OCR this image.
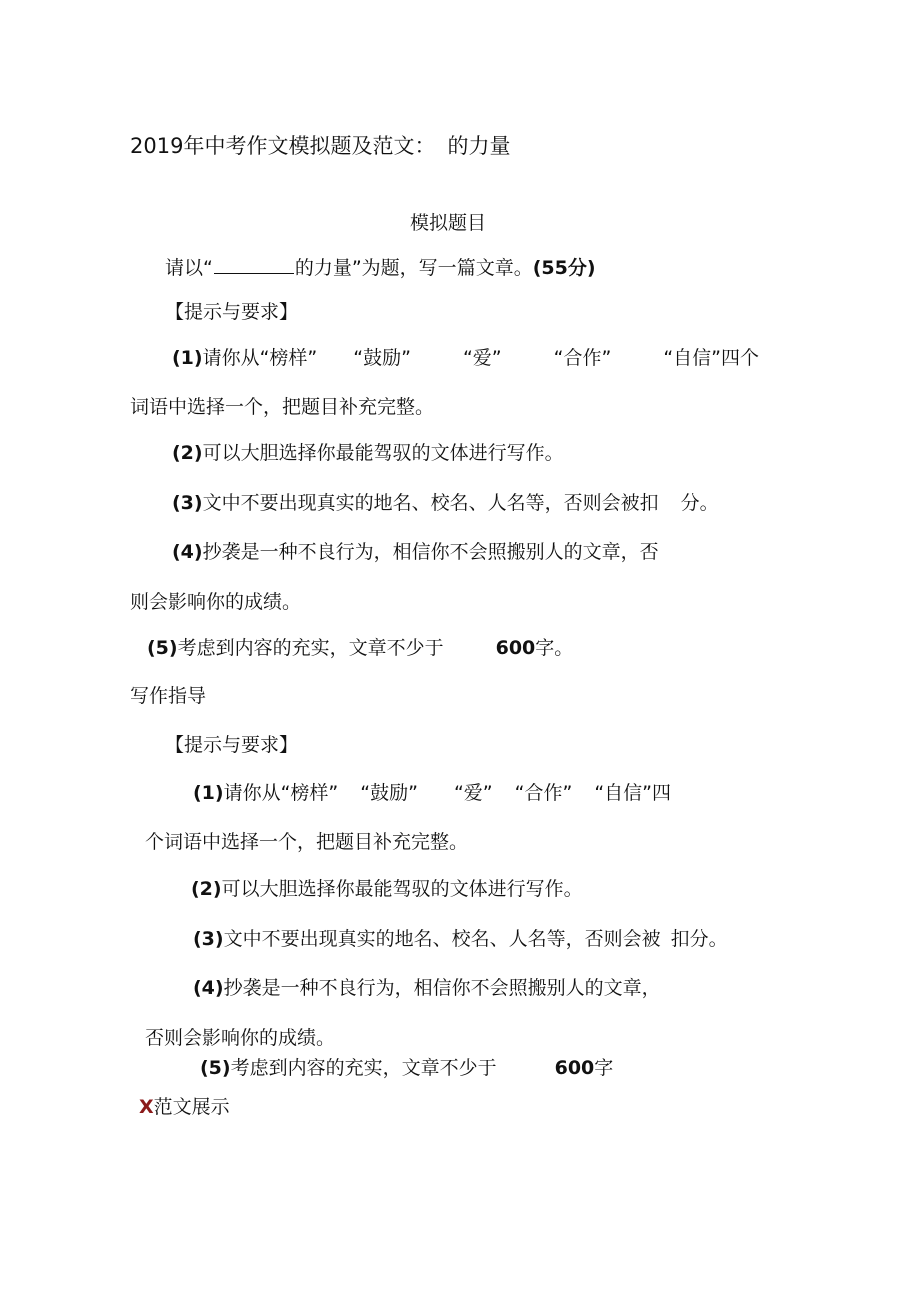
2019年中考作文模拟题及范文： 的力量
模拟题目
请以“	的力量”为题，写一篇文章。(55分)
【提示与要求】
(1)请你从“榜样” “鼓励”	“爱”	“合作”	“自信”四个
词语中选择一个，把题目补充完整。
(2)可以大胆选择你最能驾驭的文体进行写作。
(3)文中不要出现真实的地名、校名、人名等，否则会被扣 分。
(4)抄袭是一种不良行为，相信你不会照搬别人的文章，否
则会影响你的成绩。
(5)考虑到内容的充实，文章不少于	600字。
写作指导
【提示与要求】
(1)请你从“榜样” “鼓励” “爱” “合作” “自信”四
个词语中选择一个，把题目补充完整。
(2)可以大胆选择你最能驾驭的文体进行写作。
(3)文中不要出现真实的地名、校名、人名等，否则会被 扣分。
(4)抄袭是一种不良行为，相信你不会照搬别人的文章，
否则会影响你的成绩。
(5)考虑到内容的充实，文章不少于	600字
X范文展示
